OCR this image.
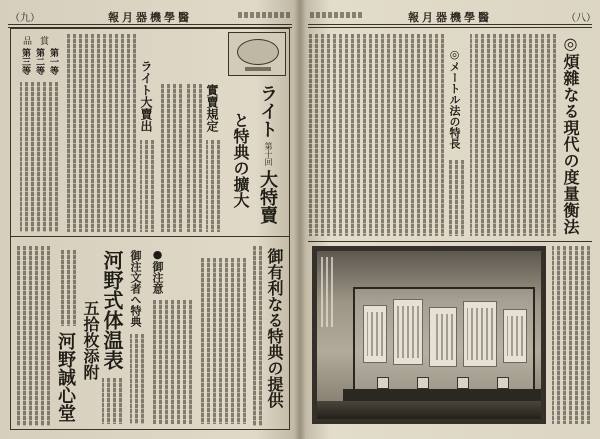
（九）	報月器機學醫
ライト
第十回
大特賣
と特典の擴大
實賣規定
ライト大賣出
品賞
第一等
第二等
第三等
御有利なる特典の提供
●御注意
御注文者へ特典
河野式体温表
五拾枚添附
河野誠心堂
報月器機學醫	（八）
◎煩雜なる現代の度量衡法
◎メートル法の特長
